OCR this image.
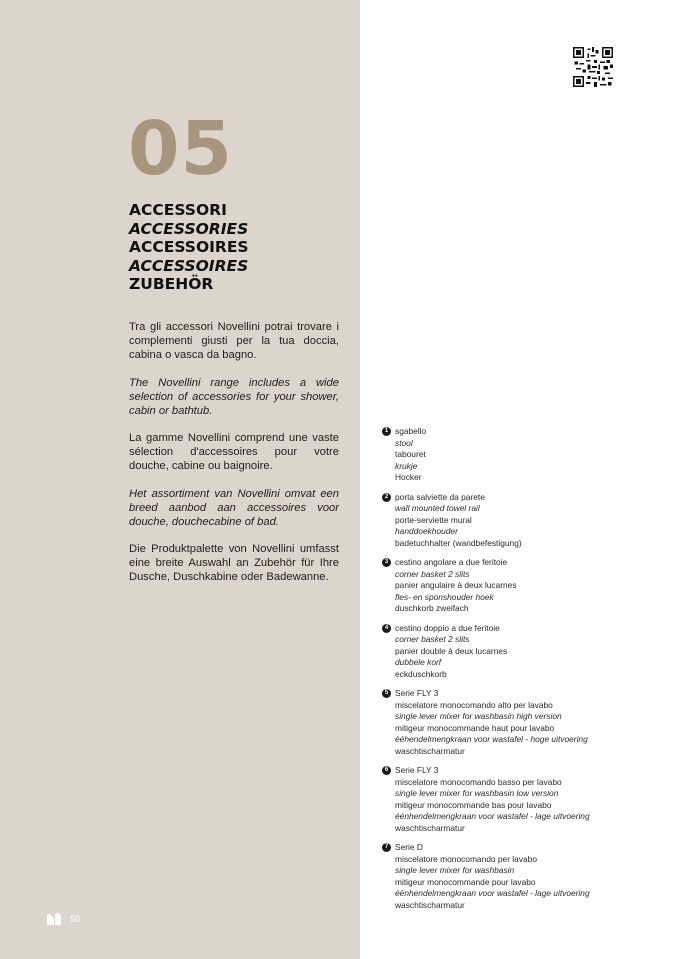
05
ACCESSORI
ACCESSORIES
ACCESSOIRES
ACCESSOIRES
ZUBEHÖR

Tra gli accessori Novellini potrai trovare i complementi giusti per la tua doccia, cabina o vasca da bagno.

The Novellini range includes a wide selection of accessories for your shower, cabin or bathtub.

La gamme Novellini comprend une vaste sélection d'accessoires pour votre douche, cabine ou baignoire.

Het assortiment van Novellini omvat een breed aanbod aan accessoires voor douche, douchecabine of bad.

Die Produktpalette von Novellini umfasst eine breite Auswahl an Zubehör für Ihre Dusche, Duschkabine oder Badewanne.

1 sgabello
stool
tabouret
krukje
Hocker
2 porta salviette da parete
wall mounted towel rail
porte-serviette mural
handdoekhouder
badetuchhalter (wandbefestigung)
3 cestino angolare a due feritoie
corner basket 2 slits
panier angulaire à deux lucarnes
fles- en sponshouder hoek
duschkorb zweifach
4 cestino doppio a due feritoie
corner basket 2 slits
panier double à deux lucarnes
dubbele korf
eckduschkorb
5 Serie FLY 3
miscelatore monocomando alto per lavabo
single lever mixer for washbasin high version
mitigeur monocommande haut pour lavabo
ééhendelmengkraan voor wastafel - hoge uitvoering
waschtischarmatur
6 Serie FLY 3
miscelatore monocomando basso per lavabo
single lever mixer for washbasin low version
mitigeur monocommande bas pour lavabo
éénhendelmengkraan voor wastafel - lage uitvoering
waschtischarmatur
7 Serie D
miscelatore monocomando per lavabo
single lever mixer for washbasin
mitigeur monocommande pour lavabo
éénhendelmengkraan voor wastafel - lage uitvoering
waschtischarmatur
50
